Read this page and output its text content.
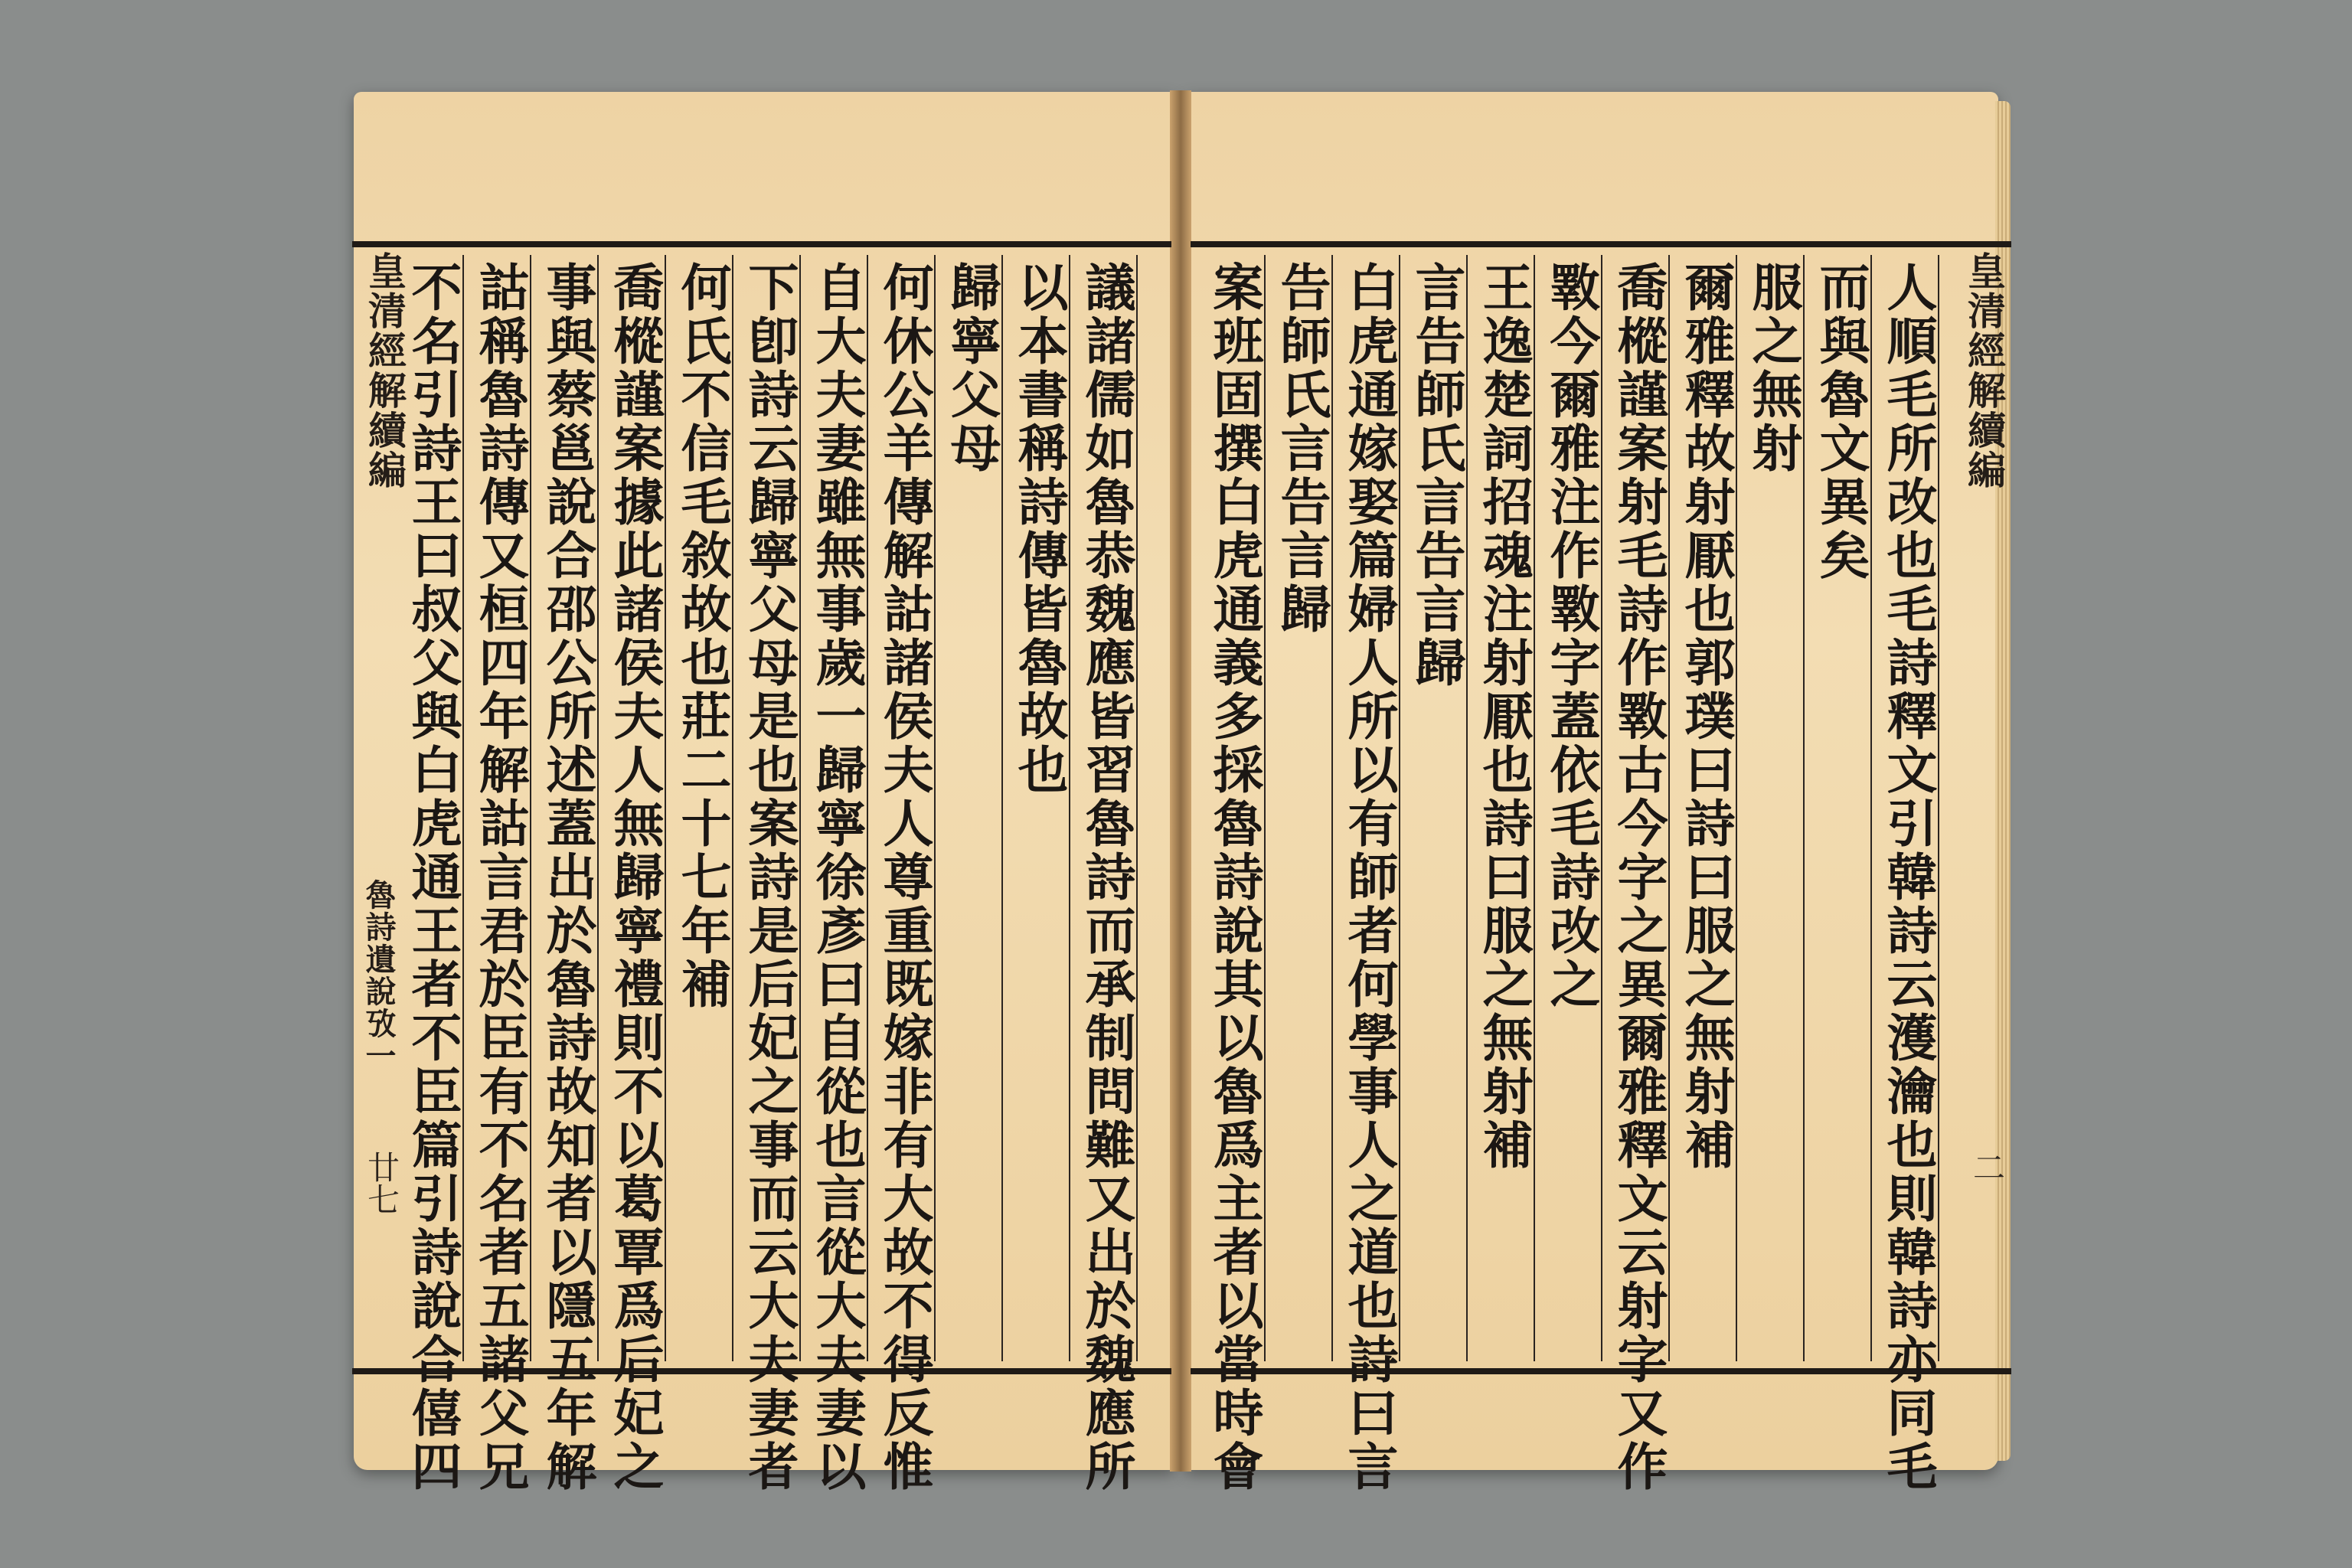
皇清經解續編
魯詩遺說攷一
廿七 不名引詩王曰叔父與白虎通王者不臣篇引詩說合僖四 詁稱魯詩傳又桓四年解詁言君於臣有不名者五諸父兄 事與蔡邕說合邵公所述蓋出於魯詩故知者以隱五年解 喬樅謹案據此諸侯夫人無歸寧禮則不以葛覃爲后妃之 何氏不信毛敘故也莊二十七年補 下卽詩云歸寧父母是也案詩是后妃之事而云大夫妻者 自大夫妻雖無事歲一歸寧徐彥曰自從也言從大夫妻以 何休公羊傳解詁諸侯夫人尊重既嫁非有大故不得反惟 歸寧父母 以本書稱詩傳皆魯故也 議諸儒如魯恭魏應皆習魯詩而承制問難又出於魏應所 案班固撰白虎通義多採魯詩說其以魯爲主者以當時會 告師氏言告言歸 白虎通嫁娶篇婦人所以有師者何學事人之道也詩曰言 言告師氏言告言歸 王逸楚詞招魂注射厭也詩曰服之無射補 斁今爾雅注作斁字蓋依毛詩改之 喬樅謹案射毛詩作斁古今字之異爾雅釋文云射字又作 爾雅釋故射厭也郭璞曰詩曰服之無射補 服之無射 而與魯文異矣 人順毛所改也毛詩釋文引韓詩云濩瀹也則韓詩亦同毛 皇清經解續編
二
